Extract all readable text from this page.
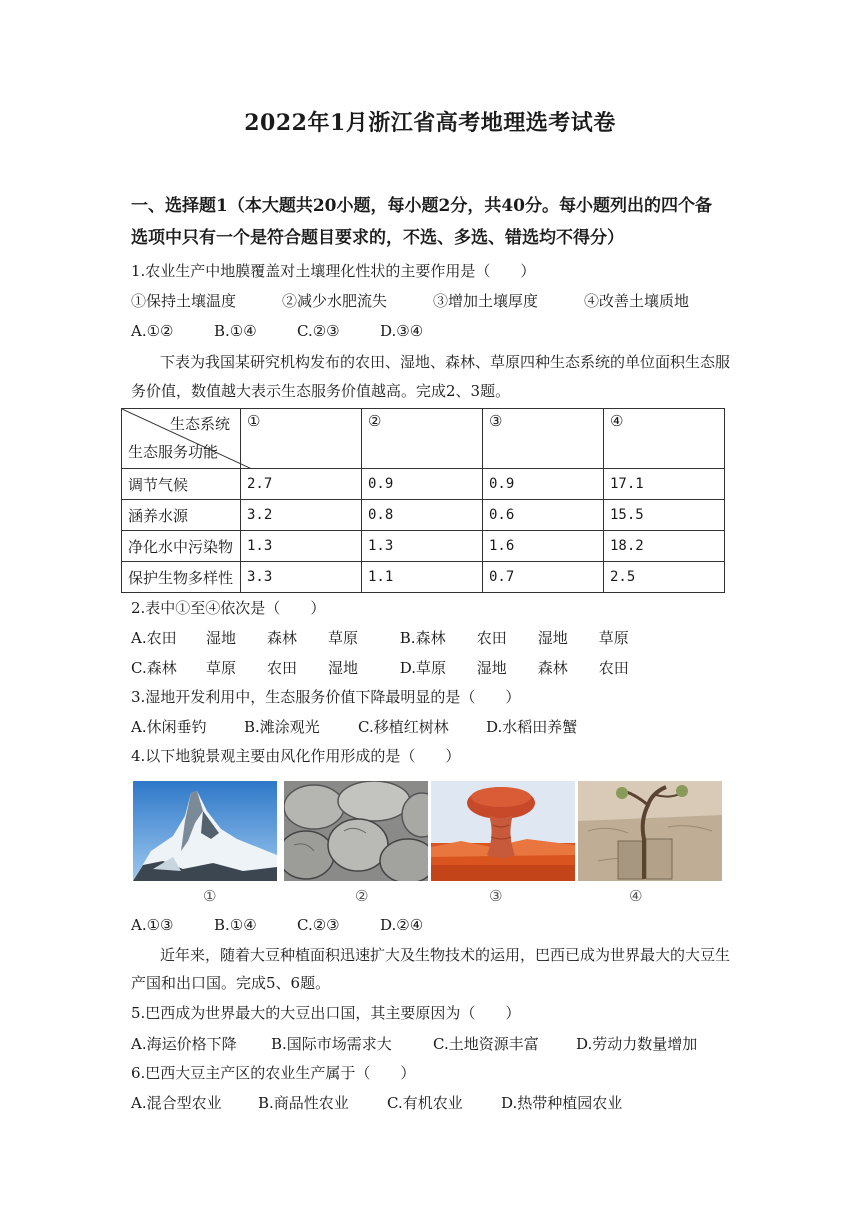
2022年1月浙江省高考地理选考试卷
一、选择题1（本大题共20小题，每小题2分，共40分。每小题列出的四个备
选项中只有一个是符合题目要求的，不选、多选、错选均不得分）
1.农业生产中地膜覆盖对土壤理化性状的主要作用是（　　）
①保持土壤温度	②减少水肥流失	③增加土壤厚度	④改善土壤质地
A.①②	B.①④	C.②③	D.③④
下表为我国某研究机构发布的农田、湿地、森林、草原四种生态系统的单位面积生态服
务价值，数值越大表示生态服务价值越高。完成2、3题。
生态系统
生态服务功能	①	②	③	④
调节气候	2.7	0.9	0.9	17.1
涵养水源	3.2	0.8	0.6	15.5
净化水中污染物	1.3	1.3	1.6	18.2
保护生物多样性	3.3	1.1	0.7	2.5
2.表中①至④依次是（　　）
A.农田 湿地 森林 草原	B.森林 农田 湿地 草原
C.森林 草原 农田 湿地	D.草原 湿地 森林 农田
3.湿地开发利用中，生态服务价值下降最明显的是（　　）
A.休闲垂钓 B.滩涂观光	C.移植红树林 D.水稻田养蟹
4.以下地貌景观主要由风化作用形成的是（　　）
①	②	③	④
A.①③	B.①④	C.②③	D.②④
近年来，随着大豆种植面积迅速扩大及生物技术的运用，巴西已成为世界最大的大豆生
产国和出口国。完成5、6题。
5.巴西成为世界最大的大豆出口国，其主要原因为（　　）
A.海运价格下降 B.国际市场需求大	C.土地资源丰富 D.劳动力数量增加
6.巴西大豆主产区的农业生产属于（　　）
A.混合型农业 B.商品性农业	C.有机农业	D.热带种植园农业
